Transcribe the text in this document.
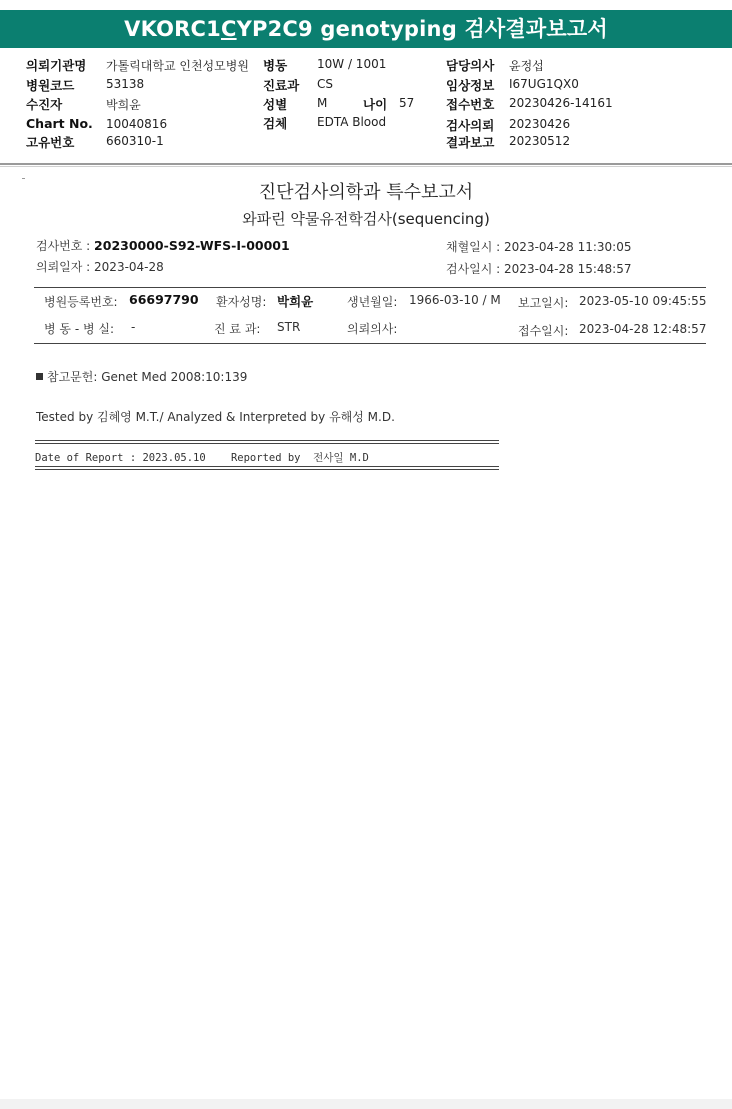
VKORC1CYP2C9 genotyping 검사결과보고서
의뢰기관명 가톨릭대학교 인천성모병원
병원코드	53138
수진자	박희윤
Chart No. 10040816
고유번호	660310-1
병동 10W / 1001
진료과 CS
성별 M	나이 57
검체 EDTA Blood
담당의사 윤정섭
임상정보 I67UG1QX0
접수번호 20230426-14161
검사의뢰 20230426
결과보고 20230512
진단검사의학과 특수보고서
와파린 약물유전학검사(sequencing)
검사번호 : 20230000-S92-WFS-I-00001
의뢰일자 : 2023-04-28
채혈일시 : 2023-04-28 11:30:05
검사일시 : 2023-04-28 15:48:57
병원등록번호: 66697790 환자성명: 박희윤	생년월일: 1966-03-10 / M 보고일시: 2023-05-10 09:45:55
병 동 - 병 실: -	진 료 과: STR	의뢰의사:	접수일시: 2023-04-28 12:48:57
참고문헌: Genet Med 2008:10:139
Tested by 김혜영 M.T./ Analyzed & Interpreted by 유해성 M.D.
Date of Report : 2023.05.10    Reported by  전사일 M.D
